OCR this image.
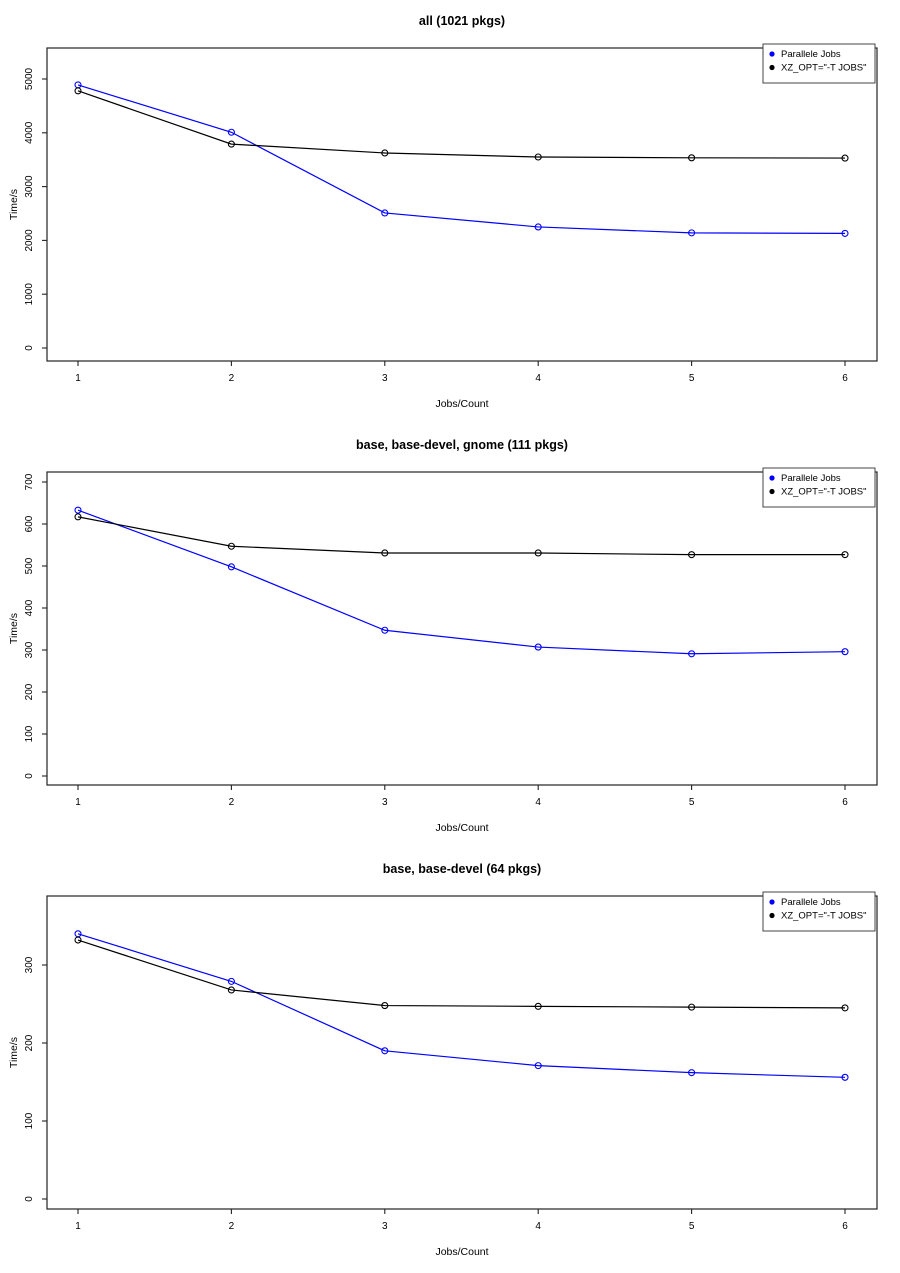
all (1021 pkgs)
1	2	3	4	5	6
0
1000
2000
3000
4000
5000
Time/s
Jobs/Count
Parallele Jobs
XZ_OPT="-T JOBS"
base, base-devel, gnome (111 pkgs)
1	2	3	4	5	6
0
100
200
300
400
500
600
700
Time/s
Jobs/Count
Parallele Jobs
XZ_OPT="-T JOBS"
base, base-devel (64 pkgs)
1	2	3	4	5	6
0
100
200
300
Time/s
Jobs/Count
Parallele Jobs
XZ_OPT="-T JOBS"
